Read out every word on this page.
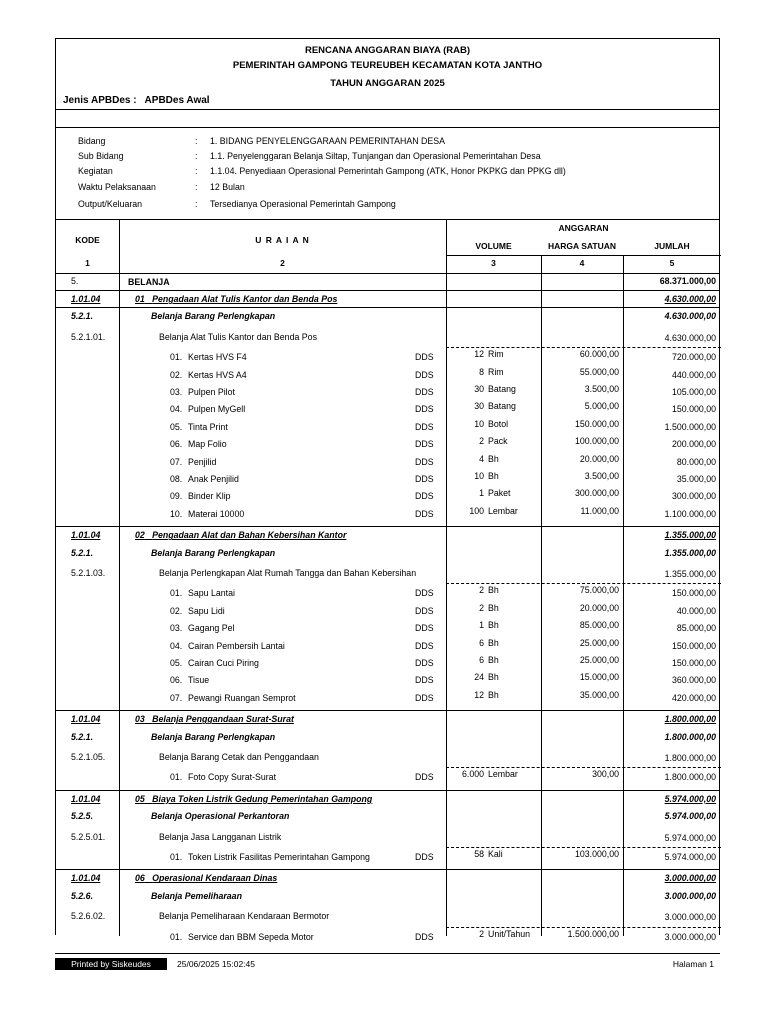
RENCANA ANGGARAN BIAYA (RAB)
PEMERINTAH GAMPONG TEUREUBEH KECAMATAN KOTA JANTHO
TAHUN ANGGARAN 2025
Jenis APBDes : APBDes Awal
Bidang	: 1. BIDANG PENYELENGGARAAN PEMERINTAHAN DESA
Sub Bidang	: 1.1. Penyelenggaran Belanja Siltap, Tunjangan dan Operasional Pemerintahan Desa
Kegiatan	: 1.1.04. Penyediaan Operasional Pemerintah Gampong (ATK, Honor PKPKG dan PPKG dll)
Waktu Pelaksanaan	: 12 Bulan
Output/Keluaran	: Tersedianya Operasional Pemerintah Gampong
KODE	U R A I A N
ANGGARAN
VOLUME	HARGA SATUAN	JUMLAH
1	2	3	4	5
5.	BELANJA	68.371.000,00
1.01.04	01 Pengadaan Alat Tulis Kantor dan Benda Pos	4.630.000,00
5.2.1.	Belanja Barang Perlengkapan	4.630.000,00
5.2.1.01.	Belanja Alat Tulis Kantor dan Benda Pos	4.630.000,00
01. Kertas HVS F4	DDS	12 Rim	60.000,00	720.000,00
02. Kertas HVS A4	DDS	8 Rim	55.000,00	440.000,00
03. Pulpen Pilot	DDS	30 Batang	3.500,00	105.000,00
04. Pulpen MyGell	DDS	30 Batang	5.000,00	150.000,00
05. Tinta Print	DDS	10 Botol	150.000,00	1.500.000,00
06. Map Folio	DDS	2 Pack	100.000,00	200.000,00
07. Penjilid	DDS	4 Bh	20.000,00	80.000,00
08. Anak Penjilid	DDS	10 Bh	3.500,00	35.000,00
09. Binder Klip	DDS	1 Paket	300.000,00	300.000,00
10. Materai 10000	DDS	100 Lembar	11.000,00	1.100.000,00
1.01.04	02 Pengadaan Alat dan Bahan Kebersihan Kantor	1.355.000,00
5.2.1.	Belanja Barang Perlengkapan	1.355.000,00
5.2.1.03.	Belanja Perlengkapan Alat Rumah Tangga dan Bahan Kebersihan	1.355.000,00
01. Sapu Lantai	DDS	2 Bh	75.000,00	150.000,00
02. Sapu Lidi	DDS	2 Bh	20.000,00	40.000,00
03. Gagang Pel	DDS	1 Bh	85.000,00	85.000,00
04. Cairan Pembersih Lantai	DDS	6 Bh	25.000,00	150.000,00
05. Cairan Cuci Piring	DDS	6 Bh	25.000,00	150.000,00
06. Tisue	DDS	24 Bh	15.000,00	360.000,00
07. Pewangi Ruangan Semprot	DDS	12 Bh	35.000,00	420.000,00
1.01.04	03 Belanja Penggandaan Surat-Surat	1.800.000,00
5.2.1.	Belanja Barang Perlengkapan	1.800.000,00
5.2.1.05.	Belanja Barang Cetak dan Penggandaan	1.800.000,00
01. Foto Copy Surat-Surat	DDS	6.000 Lembar	300,00	1.800.000,00
1.01.04	05 Biaya Token Listrik Gedung Pemerintahan Gampong	5.974.000,00
5.2.5.	Belanja Operasional Perkantoran	5.974.000,00
5.2.5.01.	Belanja Jasa Langganan Listrik	5.974.000,00
01. Token Listrik Fasilitas Pemerintahan Gampong	DDS	58 Kali	103.000,00	5.974.000,00
1.01.04	06 Operasional Kendaraan Dinas	3.000.000,00
5.2.6.	Belanja Pemeliharaan	3.000.000,00
5.2.6.02.	Belanja Pemeliharaan Kendaraan Bermotor	3.000.000,00
01. Service dan BBM Sepeda Motor	DDS	2 Unit/Tahun	1.500.000,00	3.000.000,00
Printed by Siskeudes	25/06/2025 15:02:45	Halaman 1
